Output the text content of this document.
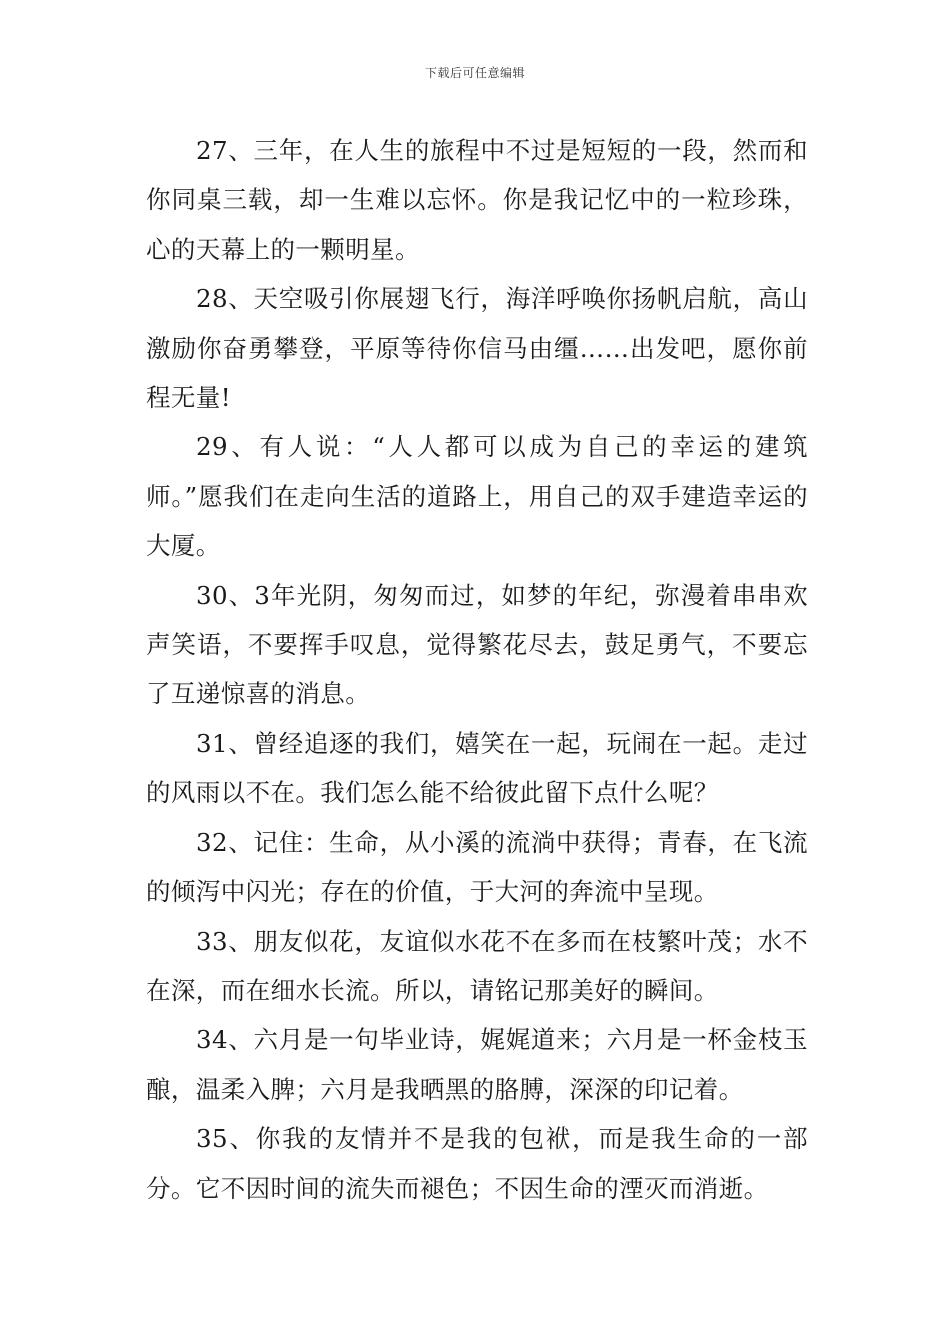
下载后可任意编辑

27、三年，在人生的旅程中不过是短短的一段，然而和你同桌三载，却一生难以忘怀。你是我记忆中的一粒珍珠，心的天幕上的一颗明星。

28、天空吸引你展翅飞行，海洋呼唤你扬帆启航，高山激励你奋勇攀登，平原等待你信马由缰……出发吧，愿你前程无量!

29、有人说：“人人都可以成为自己的幸运的建筑师。”愿我们在走向生活的道路上，用自己的双手建造幸运的大厦。

30、3年光阴，匆匆而过，如梦的年纪，弥漫着串串欢声笑语，不要挥手叹息，觉得繁花尽去，鼓足勇气，不要忘了互递惊喜的消息。

31、曾经追逐的我们，嬉笑在一起，玩闹在一起。走过的风雨以不在。我们怎么能不给彼此留下点什么呢？

32、记住：生命，从小溪的流淌中获得；青春，在飞流的倾泻中闪光；存在的价值，于大河的奔流中呈现。

33、朋友似花，友谊似水花不在多而在枝繁叶茂；水不在深，而在细水长流。所以，请铭记那美好的瞬间。

34、六月是一句毕业诗，娓娓道来；六月是一杯金枝玉酿，温柔入脾；六月是我晒黑的胳膊，深深的印记着。

35、你我的友情并不是我的包袱，而是我生命的一部分。它不因时间的流失而褪色；不因生命的湮灭而消逝。
